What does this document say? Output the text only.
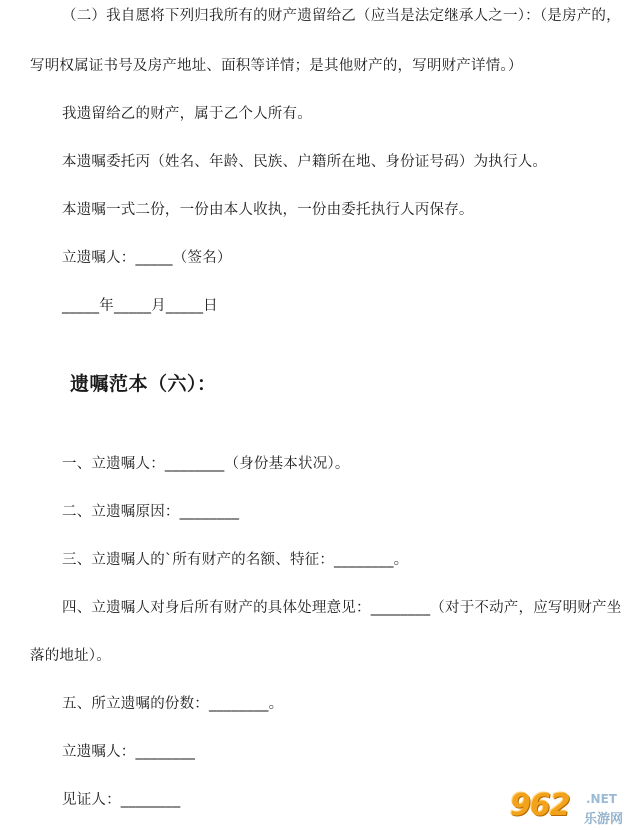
（二）我自愿将下列归我所有的财产遗留给乙（应当是法定继承人之一）：（是房产的，
写明权属证书号及房产地址、面积等详情；是其他财产的，写明财产详情。）
我遗留给乙的财产，属于乙个人所有。
本遗嘱委托丙（姓名、年龄、民族、户籍所在地、身份证号码）为执行人。
本遗嘱一式二份，一份由本人收执，一份由委托执行人丙保存。
立遗嘱人：_____（签名）
_____年_____月_____日
遗嘱范本（六）：
一、立遗嘱人：________（身份基本状况）。
二、立遗嘱原因：________
三、立遗嘱人的`所有财产的名额、特征：________。
四、立遗嘱人对身后所有财产的具体处理意见：________（对于不动产，应写明财产坐
落的地址）。
五、所立遗嘱的份数：________。
立遗嘱人：________
见证人：________	962 .NET
乐游网
